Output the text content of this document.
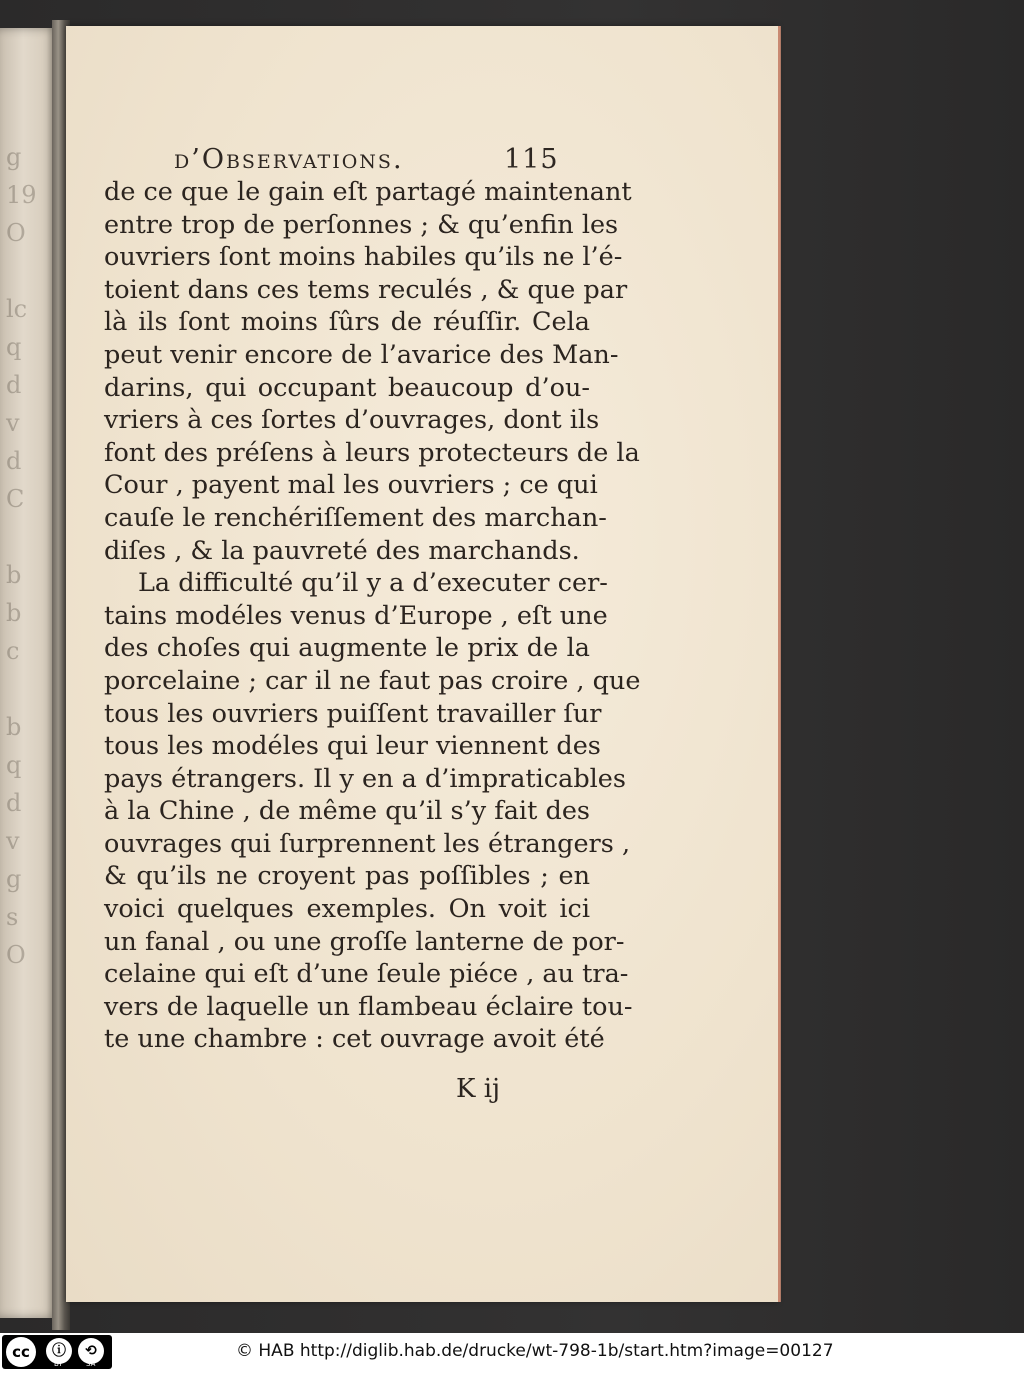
g
19
O

lc
q
d
v
d
C

b
b
c

b
q
d
v
g
s
O
d’Observations.	115
de ce que le gain eſt partagé maintenant
entre trop de perſonnes ; & qu’enfin les
ouvriers ſont moins habiles qu’ils ne l’é-
toient dans ces tems reculés , & que par
là ils ſont moins ſûrs de réuſſir. Cela
peut venir encore de l’avarice des Man-
darins, qui occupant beaucoup d’ou-
vriers à ces ſortes d’ouvrages, dont ils
font des préſens à leurs protecteurs de la
Cour , payent mal les ouvriers ; ce qui
cauſe le renchériſſement des marchan-
diſes , & la pauvreté des marchands.
La difficulté qu’il y a d’executer cer-
tains modéles venus d’Europe , eſt une
des choſes qui augmente le prix de la
porcelaine ; car il ne faut pas croire , que
tous les ouvriers puiſſent travailler ſur
tous les modéles qui leur viennent des
pays étrangers. Il y en a d’impraticables
à la Chine , de même qu’il s’y fait des
ouvrages qui ſurprennent les étrangers ,
& qu’ils ne croyent pas poſſibles ; en
voici quelques exemples. On voit ici
un fanal , ou une groſſe lanterne de por-
celaine qui eſt d’une ſeule piéce , au tra-
vers de laquelle un flambeau éclaire tou-
te une chambre : cet ouvrage avoit été
K ij
cc	ⓘ	⟲
BY	SA
© HAB http://diglib.hab.de/drucke/wt-798-1b/start.htm?image=00127
